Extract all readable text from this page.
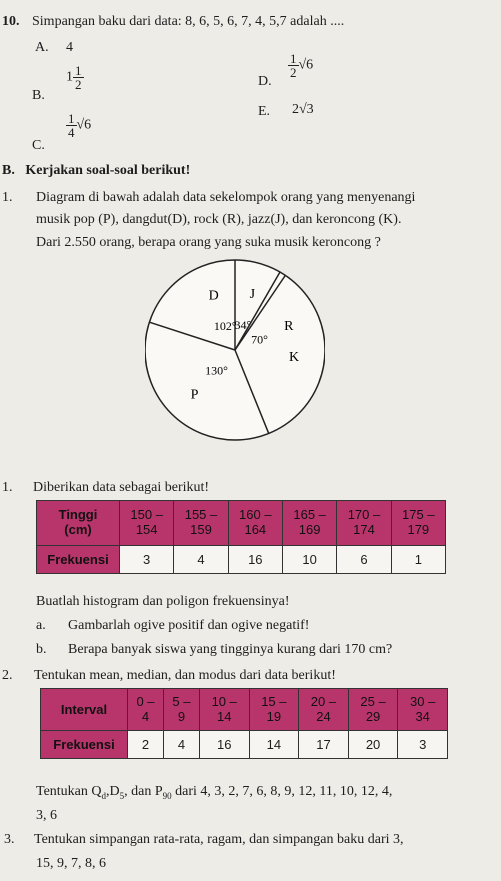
10. Simpangan baku dari data: 8, 6, 5, 6, 7, 4, 5,7 adalah ....
A. 4
B.
$1 \frac{1}{2}$
C.
$\frac{1}{4} √6$
D.
$\frac{1}{2} √6$
E. 2√3
B.   Kerjakan soal-soal berikut!
1. Diagram di bawah adalah data sekelompok orang yang menyenangi
musik pop (P), dangdut(D), rock (R), jazz(J), dan keroncong (K).
Dari 2.550 orang, berapa orang yang suka musik keroncong ?
J
34°
K
P
130°
D
102°	R
70°
1. Diberikan data sebagai berikut!
Tinggi
(cm)	150 –
154	155 –
159	160 –
164	165 –
169	170 –
174	175 –
179

Frekuensi	3	4	16	10	6	1
Buatlah histogram dan poligon frekuensinya!
a. Gambarlah ogive positif dan ogive negatif!
b. Berapa banyak siswa yang tingginya kurang dari 170 cm?
2. Tentukan mean, median, dan modus dari data berikut!
Interval	0 –
4	5 –
9	10 –
14	15 –
19	20 –
24	25 –
29	30 –
34

Frekuensi	2	4	16	14	17	20	3
Tentukan $Q_d,D_5$, dan $P_{90}$ dari 4, 3, 2, 7, 6, 8, 9, 12, 11, 10, 12, 4,
3, 6
3. Tentukan simpangan rata-rata, ragam, dan simpangan baku dari 3,
15, 9, 7, 8, 6
